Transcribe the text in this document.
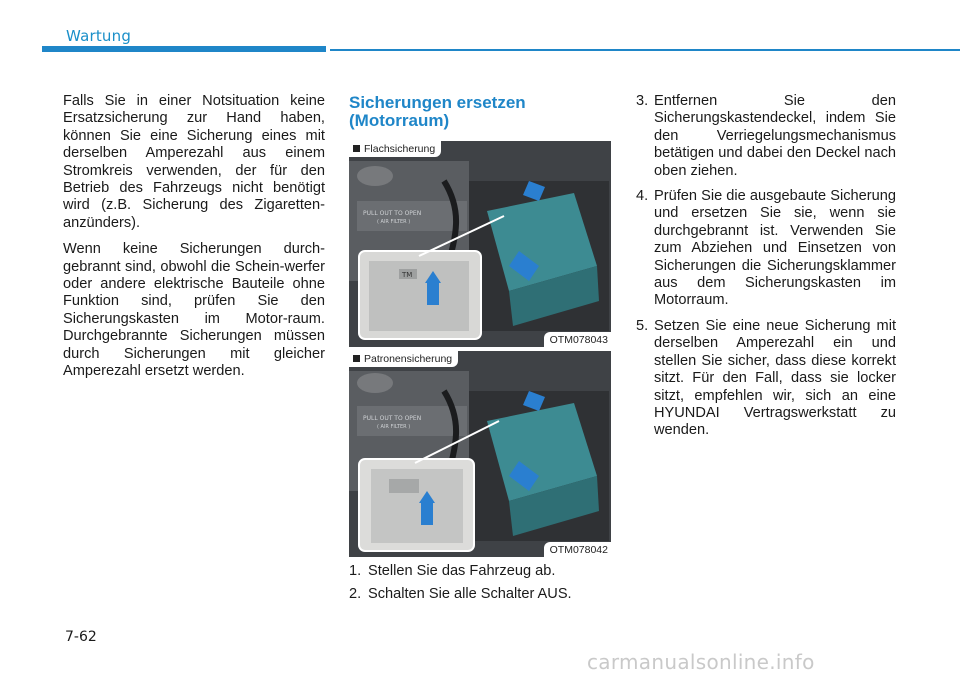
Wartung

Falls Sie in einer Notsituation keine Ersatzsicherung zur Hand haben, können Sie eine Sicherung eines mit derselben Amperezahl aus einem Stromkreis verwenden, der für den Betrieb des Fahrzeugs nicht benötigt wird (z.B. Sicherung des Zigaretten-anzünders).

Wenn keine Sicherungen durch-gebrannt sind, obwohl die Schein-werfer oder andere elektrische Bauteile ohne Funktion sind, prüfen Sie den Sicherungskasten im Motor-raum. Durchgebrannte Sicherungen müssen durch Sicherungen mit gleicher Amperezahl ersetzt werden.

Sicherungen ersetzen
(Motorraum)
PULL OUT TO OPEN
( AIR FILTER )
TM
Flachsicherung
OTM078043
PULL OUT TO OPEN
( AIR FILTER )
Patronensicherung
OTM078042
1. Stellen Sie das Fahrzeug ab.
2. Schalten Sie alle Schalter AUS.
3. Entfernen Sie den Sicherungskastendeckel, indem Sie den Verriegelungsmechanismus betätigen und dabei den Deckel nach oben ziehen.
4. Prüfen Sie die ausgebaute Sicherung und ersetzen Sie sie, wenn sie durchgebrannt ist. Verwenden Sie zum Abziehen und Einsetzen von Sicherungen die Sicherungsklammer aus dem Sicherungskasten im Motorraum.
5. Setzen Sie eine neue Sicherung mit derselben Amperezahl ein und stellen Sie sicher, dass diese korrekt sitzt. Für den Fall, dass sie locker sitzt, empfehlen wir, sich an eine HYUNDAI Vertragswerkstatt zu wenden.
7-62
carmanualsonline.info
